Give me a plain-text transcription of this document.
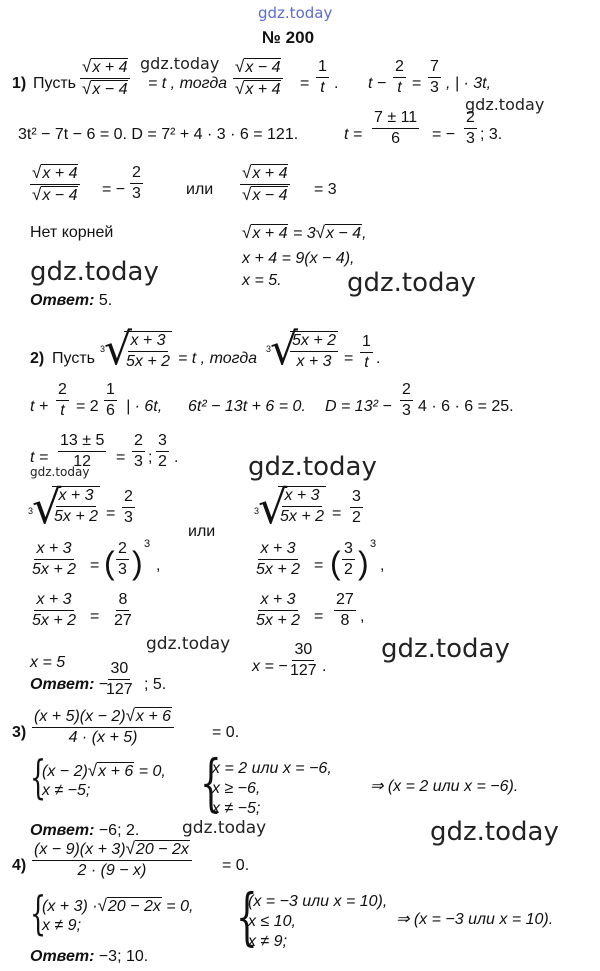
gdz.today
gdz.today
gdz.today
gdz.today	gdz.today
gdz.today	gdz.today
gdz.today	gdz.today
gdz.today	gdz.today
№ 200
1) Пусть $\frac{√x + 4}{√x - 4} = t$ , тогда $\frac{√x - 4}{√x + 4} = \frac{1}{t}$ . $t - \frac{2}{t} = \frac{7}{3}$ , | · 3t,
3t² − 7t − 6 = 0. D = 7² + 4 · 3 · 6 = 121.	$t = \frac{7 \pm 11}{6}$ = − $\frac{2}{3}$ ; 3.
$\frac{√x + 4}{√x - 4}$ = − $\frac{2}{3}$	или $\frac{√x + 4}{√x - 4} = 3$
Нет корней	√x + 4 = 3√x − 4,
x + 4 = 9(x − 4),
x = 5.
Ответ: 5.
2) Пусть
3
√
$\frac{x + 3}{5x + 2} = t$ , тогда
3
√
$\frac{5x + 2}{x + 3} = \frac{1}{t}$ .
$t + \frac{2}{t} = 2 \frac{1}{6}$ | · 6t, 6t² − 13t + 6 = 0. $D = 13^2 - \frac{2}{3} 4 \cdot 6 \cdot 6 = 25$.
$t = \frac{13 \pm 5}{12} = \frac{2}{3}$ ; $\frac{3}{2}$ .
3
√
$\frac{x + 3}{5x + 2} = \frac{2}{3}$
или
3
√
$\frac{x + 3}{5x + 2} = \frac{3}{2}$
$\frac{x + 3}{5x + 2}$ = ( $\frac{2}{3}$ )
3
,	$\frac{x + 3}{5x + 2}$ = ( $\frac{3}{2}$ )
3
,
$\frac{x + 3}{5x + 2} = \frac{8}{27}$	$\frac{x + 3}{5x + 2} = \frac{27}{8}$ ,
x = 5	x = − $\frac{30}{127}$ .
Ответ: −
$\frac{30}{127}$ ; 5.
$3) \frac{(x + 5)(x - 2)√x + 6}{4 \cdot (x + 5)} = 0$.
{
(x − 2)√x + 6 = 0,
x ≠ −5; {
x = 2 или x = −6,
x ≥ −6,
x ≠ −5;
⇒ (x = 2 или x = −6).
Ответ: −6; 2.
$4) \frac{(x - 9)(x + 3)√20 - 2x}{2 \cdot (9 - x)} = 0$.
{
(x + 3) ·√20 − 2x = 0,
x ≠ 9; {
(x = −3 или x = 10),
x ≤ 10,
x ≠ 9;
⇒ (x = −3 или x = 10).
Ответ: −3; 10.
